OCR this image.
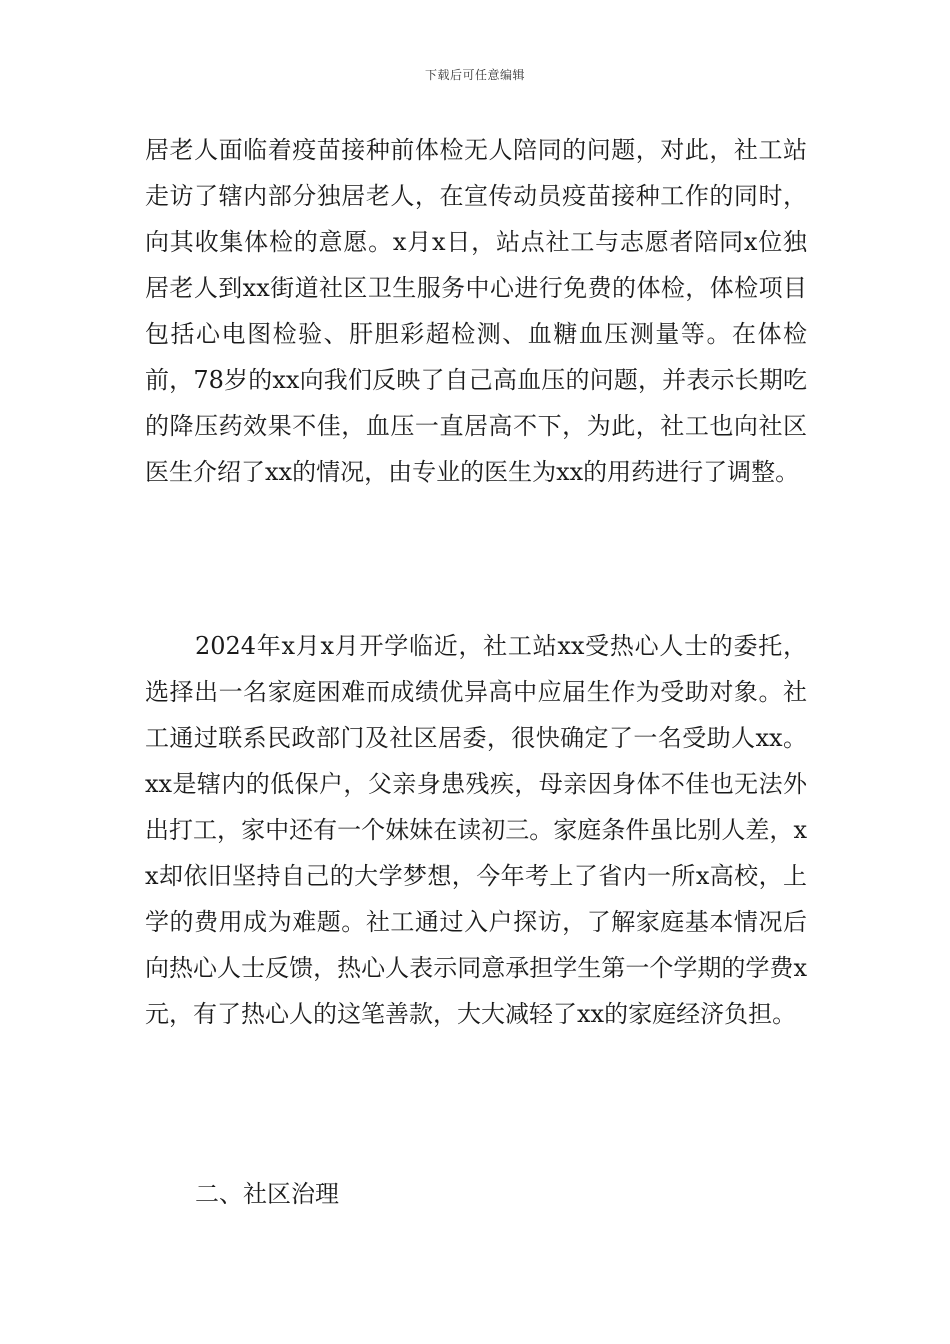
下载后可任意编辑

居老人面临着疫苗接种前体检无人陪同的问题，对此，社工站走访了辖内部分独居老人，在宣传动员疫苗接种工作的同时，向其收集体检的意愿。x月x日，站点社工与志愿者陪同x位独居老人到xx街道社区卫生服务中心进行免费的体检，体检项目包括心电图检验、肝胆彩超检测、血糖血压测量等。在体检前，78岁的xx向我们反映了自己高血压的问题，并表示长期吃的降压药效果不佳，血压一直居高不下，为此，社工也向社区医生介绍了xx的情况，由专业的医生为xx的用药进行了调整。

2024年x月x月开学临近，社工站xx受热心人士的委托，选择出一名家庭困难而成绩优异高中应届生作为受助对象。社工通过联系民政部门及社区居委，很快确定了一名受助人xx。xx是辖内的低保户，父亲身患残疾，母亲因身体不佳也无法外出打工，家中还有一个妹妹在读初三。家庭条件虽比别人差，xx却依旧坚持自己的大学梦想，今年考上了省内一所x高校，上学的费用成为难题。社工通过入户探访，了解家庭基本情况后向热心人士反馈，热心人表示同意承担学生第一个学期的学费x元，有了热心人的这笔善款，大大减轻了xx的家庭经济负担。

二、社区治理
